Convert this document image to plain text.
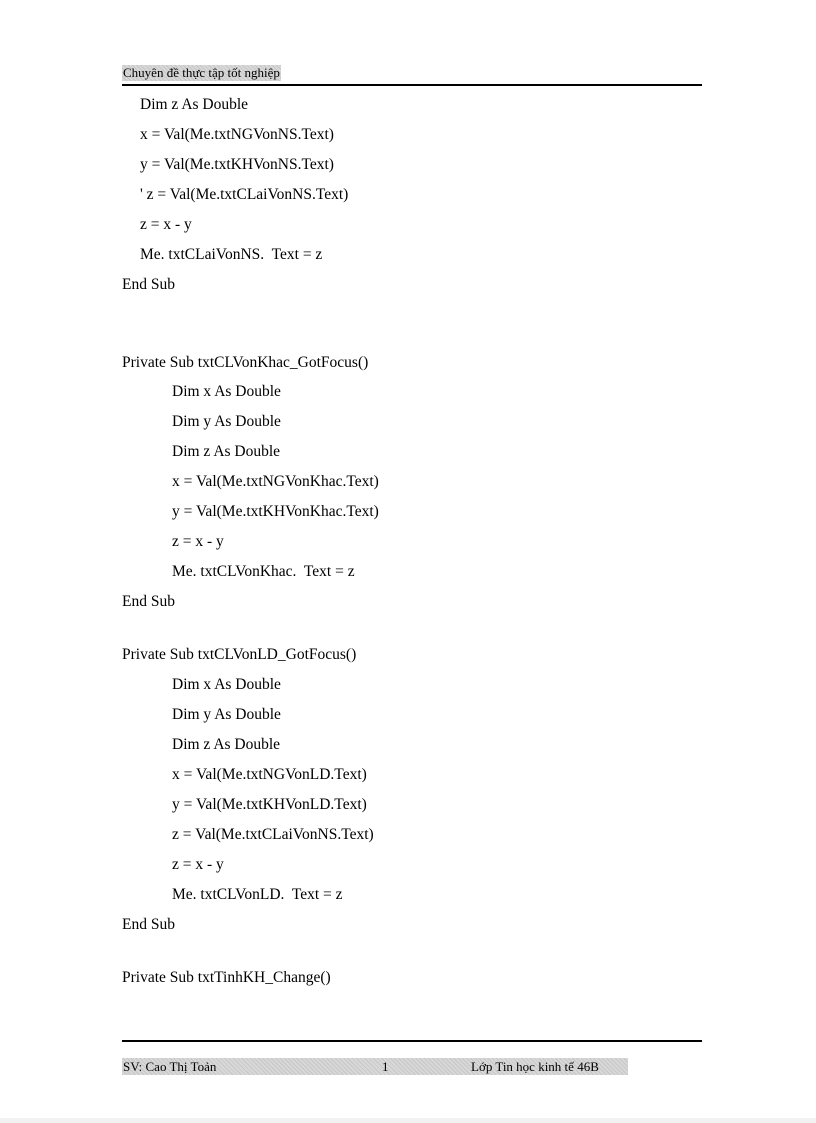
Chuyên đề thực tập tốt nghiệp
Dim z As Double
x = Val(Me.txtNGVonNS.Text)
y = Val(Me.txtKHVonNS.Text)
' z = Val(Me.txtCLaiVonNS.Text)
z = x - y
Me. txtCLaiVonNS.  Text = z
End Sub
Private Sub txtCLVonKhac_GotFocus()
Dim x As Double
Dim y As Double
Dim z As Double
x = Val(Me.txtNGVonKhac.Text)
y = Val(Me.txtKHVonKhac.Text)
z = x - y
Me. txtCLVonKhac.  Text = z
End Sub
Private Sub txtCLVonLD_GotFocus()
Dim x As Double
Dim y As Double
Dim z As Double
x = Val(Me.txtNGVonLD.Text)
y = Val(Me.txtKHVonLD.Text)
z = Val(Me.txtCLaiVonNS.Text)
z = x - y
Me. txtCLVonLD.  Text = z
End Sub
Private Sub txtTinhKH_Change()
SV: Cao Thị Toản	1	Lớp Tin học kinh tế 46B
